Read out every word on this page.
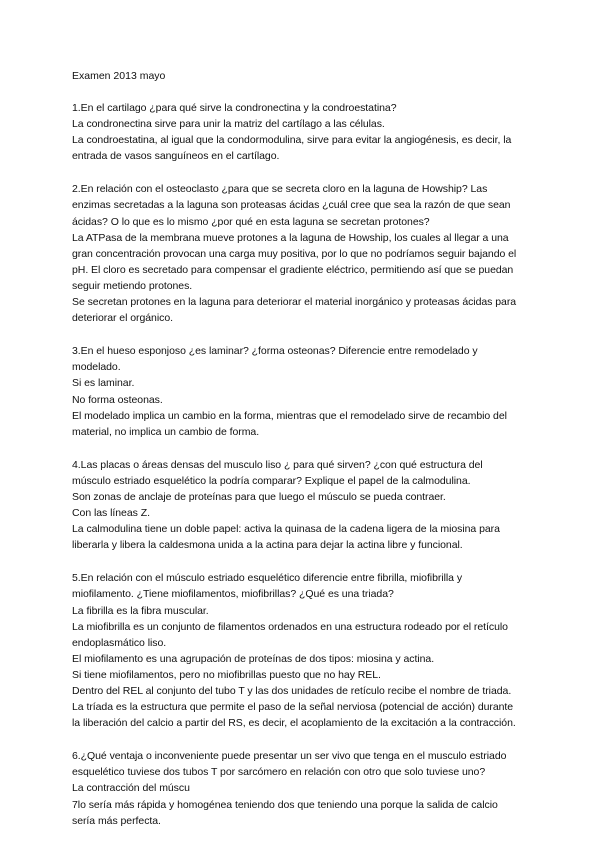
Examen 2013 mayo
1.En el cartilago ¿para qué sirve la condronectina y la condroestatina?
La condronectina sirve para unir la matriz del cartílago a las células.
La condroestatina, al igual que la condormodulina, sirve para evitar la angiogénesis, es decir, la
entrada de vasos sanguíneos en el cartílago.
2.En relación con el osteoclasto ¿para que se secreta cloro en la laguna de Howship? Las
enzimas secretadas a la laguna son proteasas ácidas ¿cuál cree que sea la razón de que sean
ácidas? O lo que es lo mismo ¿por qué en esta laguna se secretan protones?
La ATPasa de la membrana mueve protones a la laguna de Howship, los cuales al llegar a una
gran concentración provocan una carga muy positiva, por lo que no podríamos seguir bajando el
pH. El cloro es secretado para compensar el gradiente eléctrico, permitiendo así que se puedan
seguir metiendo protones.
Se secretan protones en la laguna para deteriorar el material inorgánico y proteasas ácidas para
deteriorar el orgánico.
3.En el hueso esponjoso ¿es laminar? ¿forma osteonas? Diferencie entre remodelado y
modelado.
Si es laminar.
No forma osteonas.
El modelado implica un cambio en la forma, mientras que el remodelado sirve de recambio del
material, no implica un cambio de forma.
4.Las placas o áreas densas del musculo liso ¿ para qué sirven? ¿con qué estructura del
músculo estriado esquelético la podría comparar? Explique el papel de la calmodulina.
Son zonas de anclaje de proteínas para que luego el músculo se pueda contraer.
Con las líneas Z.
La calmodulina tiene un doble papel: activa la quinasa de la cadena ligera de la miosina para
liberarla y libera la caldesmona unida a la actina para dejar la actina libre y funcional.
5.En relación con el músculo estriado esquelético diferencie entre fibrilla, miofibrilla y
miofilamento. ¿Tiene miofilamentos, miofibrillas? ¿Qué es una triada?
La fibrilla es la fibra muscular.
La miofibrilla es un conjunto de filamentos ordenados en una estructura rodeado por el retículo
endoplasmático liso.
El miofilamento es una agrupación de proteínas de dos tipos: miosina y actina.
Si tiene miofilamentos, pero no miofibrillas puesto que no hay REL.
Dentro del REL al conjunto del tubo T y las dos unidades de retículo recibe el nombre de triada.
La tríada es la estructura que permite el paso de la señal nerviosa (potencial de acción) durante
la liberación del calcio a partir del RS, es decir, el acoplamiento de la excitación a la contracción.
6.¿Qué ventaja o inconveniente puede presentar un ser vivo que tenga en el musculo estriado
esquelético tuviese dos tubos T por sarcómero en relación con otro que solo tuviese uno?
La contracción del múscu
7lo sería más rápida y homogénea teniendo dos que teniendo una porque la salida de calcio
sería más perfecta.
